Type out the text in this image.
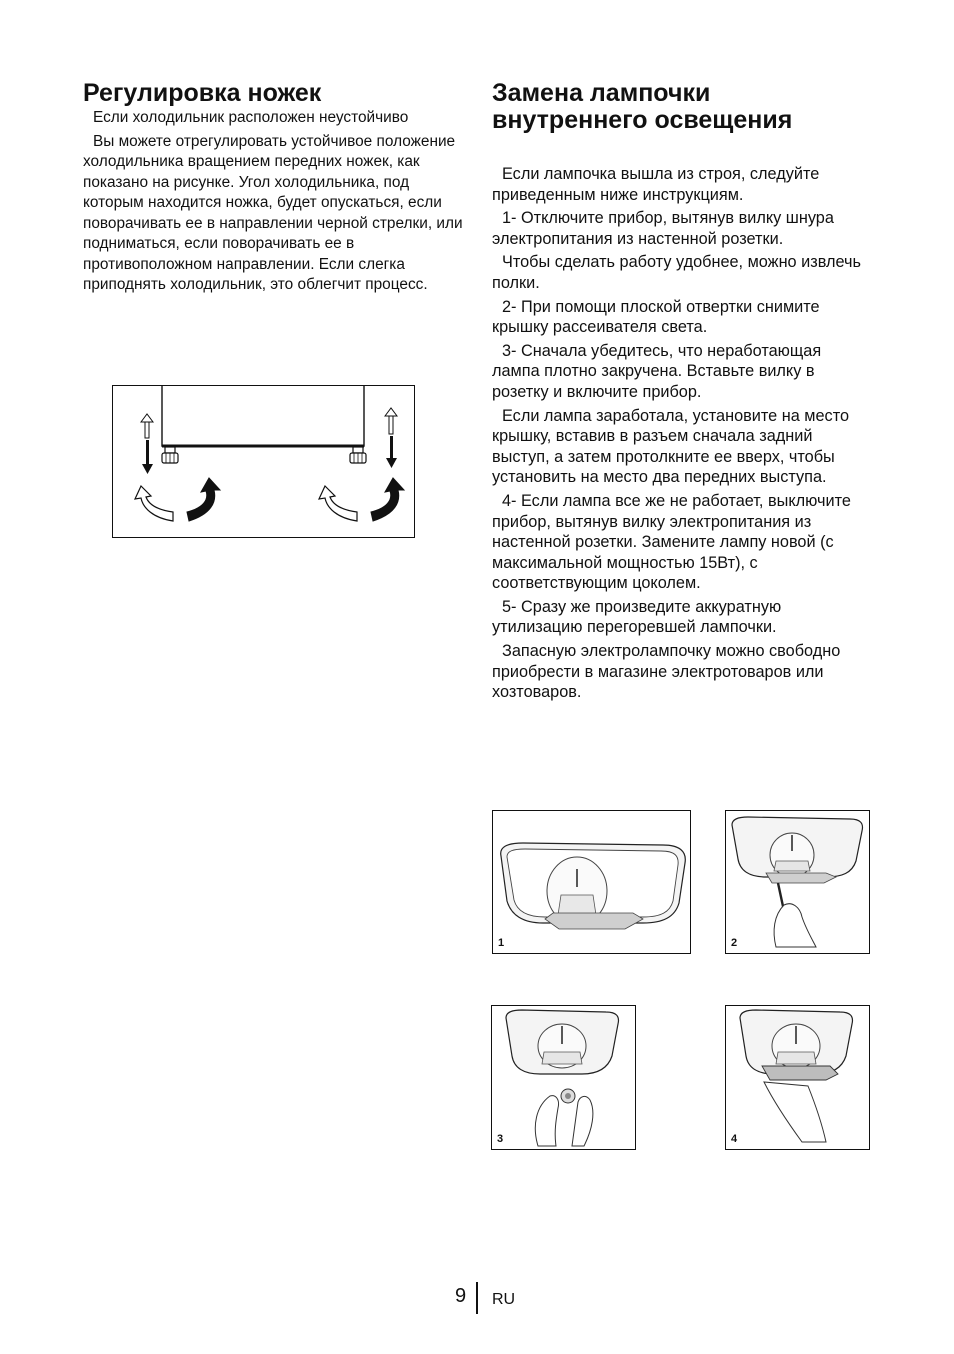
Регулировка ножек

Если холодильник расположен неустойчиво

Вы можете отрегулировать устойчивое положение холодильника вращением передних ножек, как показано на рисунке. Угол холодильника, под которым находится ножка, будет опускаться, если поворачивать ее в направлении черной стрелки, или подниматься, если поворачивать ее в противоположном направлении. Если слегка приподнять холодильник, это облегчит процесс.

Замена лампочки внутреннего освещения

Если лампочка вышла из строя, следуйте приведенным ниже инструкциям.

1- Отключите прибор, вытянув вилку шнура электропитания из настенной розетки.

Чтобы сделать работу удобнее, можно извлечь полки.

2- При помощи плоской отвертки снимите крышку рассеивателя света.

3- Сначала убедитесь, что неработающая лампа плотно закручена. Вставьте вилку в розетку и включите прибор.

Если лампа заработала, установите на место крышку, вставив в разъем сначала задний выступ, а затем протолкните ее вверх, чтобы установить на место два передних выступа.

4- Если лампа все же не работает, выключите прибор, вытянув вилку электропитания из настенной розетки. Замените лампу новой (с максимальной мощностью 15Вт), с соответствующим цоколем.

5- Сразу же произведите аккуратную утилизацию перегоревшей лампочки.

Запасную электролампочку можно свободно приобрести в магазине электротоваров или хозтоваров.

1	2
3	4
9 RU
